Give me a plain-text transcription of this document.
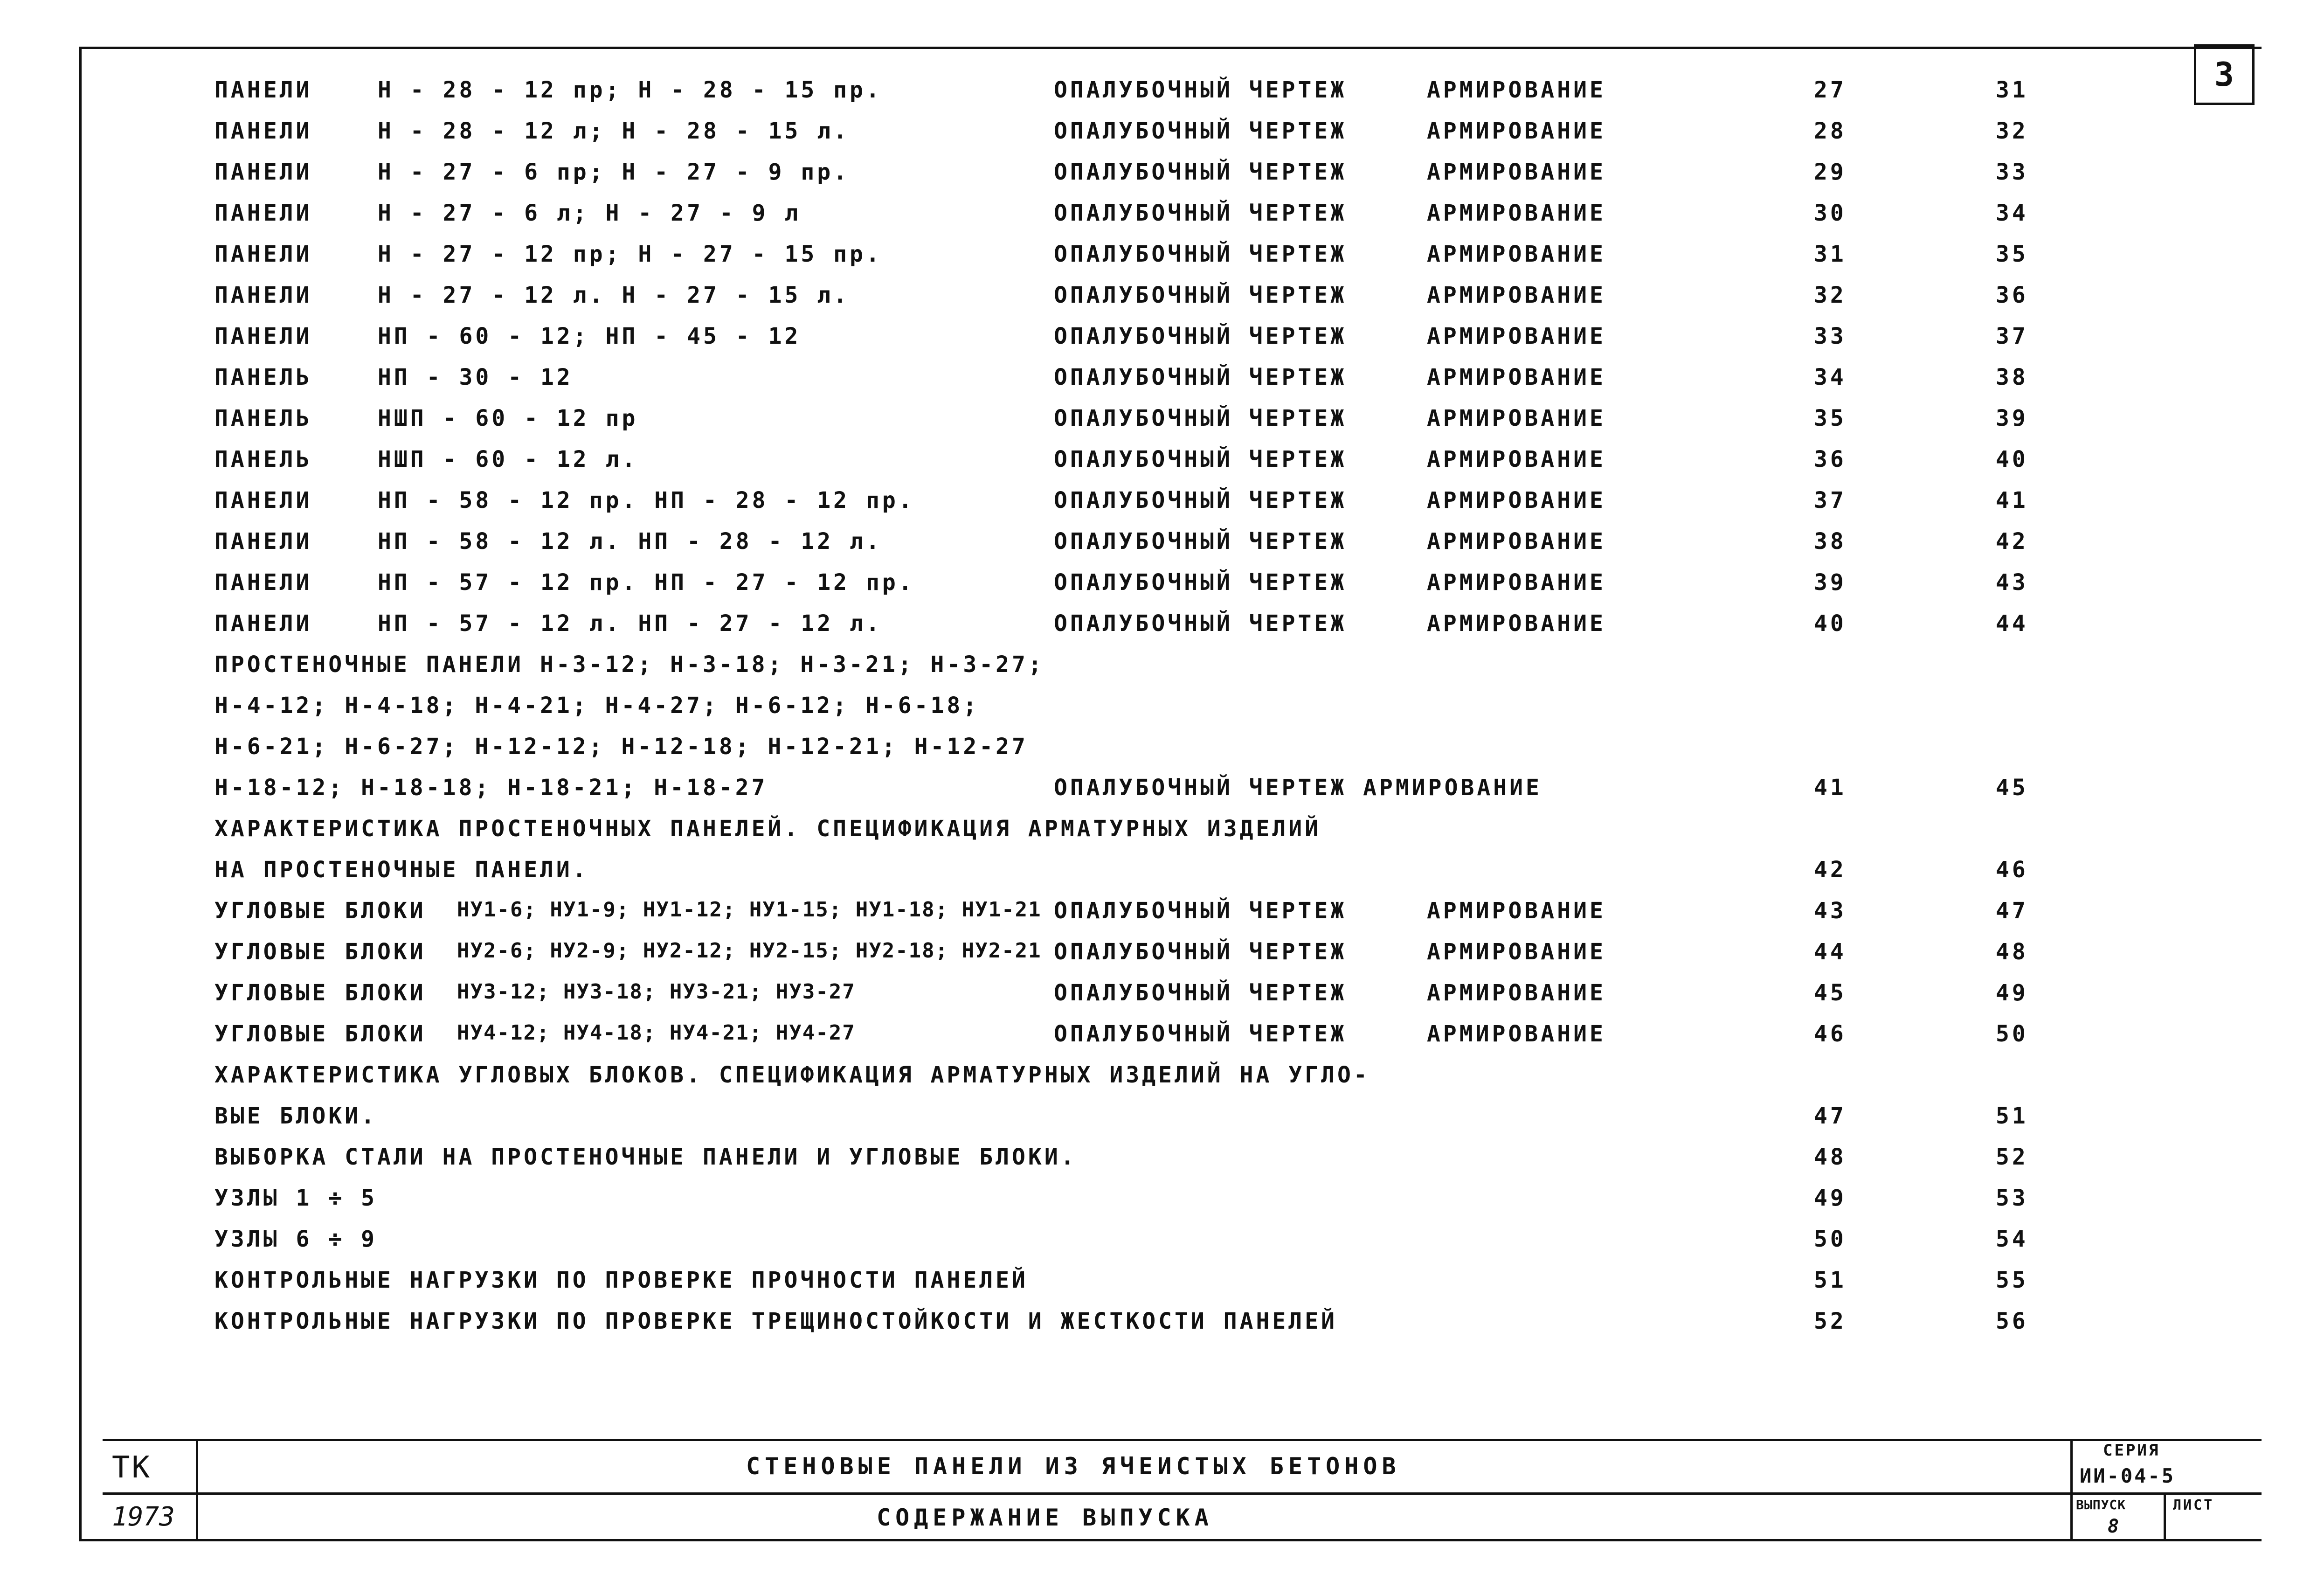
3
ПАНЕЛИ	Н - 28 - 12 пр; Н - 28 - 15 пр.	ОПАЛУБОЧНЫЙ ЧЕРТЕЖ	АРМИРОВАНИЕ	27	31
ПАНЕЛИ	Н - 28 - 12 л; Н - 28 - 15 л.	ОПАЛУБОЧНЫЙ ЧЕРТЕЖ	АРМИРОВАНИЕ	28	32
ПАНЕЛИ	Н - 27 - 6 пр; Н - 27 - 9 пр.	ОПАЛУБОЧНЫЙ ЧЕРТЕЖ	АРМИРОВАНИЕ	29	33
ПАНЕЛИ	Н - 27 - 6 л; Н - 27 - 9 л	ОПАЛУБОЧНЫЙ ЧЕРТЕЖ	АРМИРОВАНИЕ	30	34
ПАНЕЛИ	Н - 27 - 12 пр; Н - 27 - 15 пр.	ОПАЛУБОЧНЫЙ ЧЕРТЕЖ	АРМИРОВАНИЕ	31	35
ПАНЕЛИ	Н - 27 - 12 л. Н - 27 - 15 л.	ОПАЛУБОЧНЫЙ ЧЕРТЕЖ	АРМИРОВАНИЕ	32	36
ПАНЕЛИ	НП - 60 - 12; НП - 45 - 12	ОПАЛУБОЧНЫЙ ЧЕРТЕЖ	АРМИРОВАНИЕ	33	37
ПАНЕЛЬ	НП - 30 - 12	ОПАЛУБОЧНЫЙ ЧЕРТЕЖ	АРМИРОВАНИЕ	34	38
ПАНЕЛЬ	НШП - 60 - 12 пр	ОПАЛУБОЧНЫЙ ЧЕРТЕЖ	АРМИРОВАНИЕ	35	39
ПАНЕЛЬ	НШП - 60 - 12 л.	ОПАЛУБОЧНЫЙ ЧЕРТЕЖ	АРМИРОВАНИЕ	36	40
ПАНЕЛИ	НП - 58 - 12 пр. НП - 28 - 12 пр.	ОПАЛУБОЧНЫЙ ЧЕРТЕЖ	АРМИРОВАНИЕ	37	41
ПАНЕЛИ	НП - 58 - 12 л. НП - 28 - 12 л.	ОПАЛУБОЧНЫЙ ЧЕРТЕЖ	АРМИРОВАНИЕ	38	42
ПАНЕЛИ	НП - 57 - 12 пр. НП - 27 - 12 пр.	ОПАЛУБОЧНЫЙ ЧЕРТЕЖ	АРМИРОВАНИЕ	39	43
ПАНЕЛИ	НП - 57 - 12 л. НП - 27 - 12 л.	ОПАЛУБОЧНЫЙ ЧЕРТЕЖ	АРМИРОВАНИЕ	40	44
ПРОСТЕНОЧНЫЕ ПАНЕЛИ Н-3-12; Н-3-18; Н-3-21; Н-3-27;
Н-4-12; Н-4-18; Н-4-21; Н-4-27; Н-6-12; Н-6-18;
Н-6-21; Н-6-27; Н-12-12; Н-12-18; Н-12-21; Н-12-27
Н-18-12; Н-18-18; Н-18-21; Н-18-27	ОПАЛУБОЧНЫЙ ЧЕРТЕЖ АРМИРОВАНИЕ	41	45
ХАРАКТЕРИСТИКА ПРОСТЕНОЧНЫХ ПАНЕЛЕЙ. СПЕЦИФИКАЦИЯ АРМАТУРНЫХ ИЗДЕЛИЙ
НА ПРОСТЕНОЧНЫЕ ПАНЕЛИ.	42	46
УГЛОВЫЕ БЛОКИ НУ1-6; НУ1-9; НУ1-12; НУ1-15; НУ1-18; НУ1-21 ОПАЛУБОЧНЫЙ ЧЕРТЕЖ	АРМИРОВАНИЕ	43	47
УГЛОВЫЕ БЛОКИ НУ2-6; НУ2-9; НУ2-12; НУ2-15; НУ2-18; НУ2-21 ОПАЛУБОЧНЫЙ ЧЕРТЕЖ	АРМИРОВАНИЕ	44	48
УГЛОВЫЕ БЛОКИ НУ3-12; НУ3-18; НУ3-21; НУ3-27	ОПАЛУБОЧНЫЙ ЧЕРТЕЖ	АРМИРОВАНИЕ	45	49
УГЛОВЫЕ БЛОКИ НУ4-12; НУ4-18; НУ4-21; НУ4-27	ОПАЛУБОЧНЫЙ ЧЕРТЕЖ	АРМИРОВАНИЕ	46	50
ХАРАКТЕРИСТИКА УГЛОВЫХ БЛОКОВ. СПЕЦИФИКАЦИЯ АРМАТУРНЫХ ИЗДЕЛИЙ НА УГЛО-
ВЫЕ БЛОКИ.	47	51
ВЫБОРКА СТАЛИ НА ПРОСТЕНОЧНЫЕ ПАНЕЛИ И УГЛОВЫЕ БЛОКИ.	48	52
УЗЛЫ 1 ÷ 5	49	53
УЗЛЫ 6 ÷ 9	50	54
КОНТРОЛЬНЫЕ НАГРУЗКИ ПО ПРОВЕРКЕ ПРОЧНОСТИ ПАНЕЛЕЙ	51	55
КОНТРОЛЬНЫЕ НАГРУЗКИ ПО ПРОВЕРКЕ ТРЕЩИНОСТОЙКОСТИ И ЖЕСТКОСТИ ПАНЕЛЕЙ	52	56
ТК
1973
СТЕНОВЫЕ ПАНЕЛИ ИЗ ЯЧЕИСТЫХ БЕТОНОВ
СОДЕРЖАНИЕ ВЫПУСКА
СЕРИЯ
ИИ-04-5
ВЫПУСК
8
ЛИСТ
